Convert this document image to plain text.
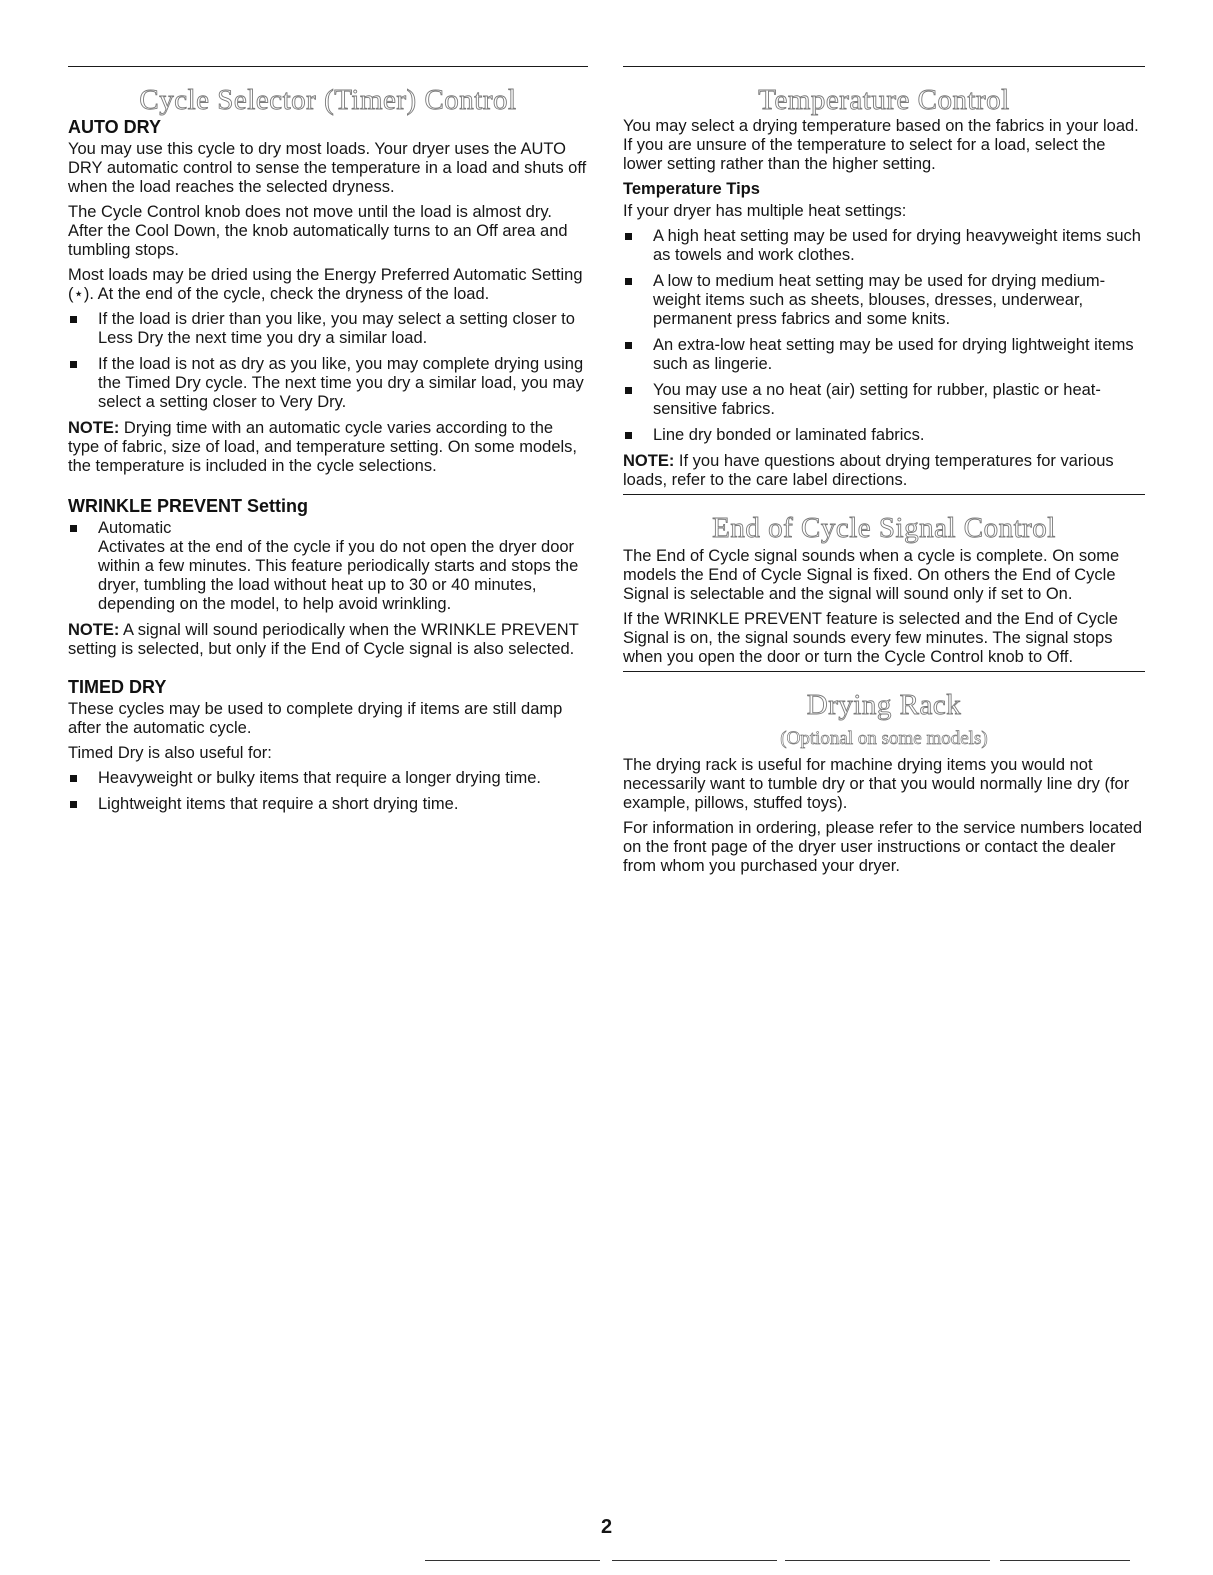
Cycle Selector (Timer) Control
AUTO DRY

You may use this cycle to dry most loads. Your dryer uses the AUTO DRY automatic control to sense the temperature in a load and shuts off when the load reaches the selected dryness.

The Cycle Control knob does not move until the load is almost dry. After the Cool Down, the knob automatically turns to an Off area and tumbling stops.

Most loads may be dried using the Energy Preferred Automatic Setting (⋆). At the end of the cycle, check the dryness of the load.

If the load is drier than you like, you may select a setting closer to Less Dry the next time you dry a similar load.
If the load is not as dry as you like, you may complete drying using the Timed Dry cycle. The next time you dry a similar load, you may select a setting closer to Very Dry.

NOTE: Drying time with an automatic cycle varies according to the type of fabric, size of load, and temperature setting. On some models, the temperature is included in the cycle selections.

WRINKLE PREVENT Setting
Automatic
Activates at the end of the cycle if you do not open the dryer door within a few minutes. This feature periodically starts and stops the dryer, tumbling the load without heat up to 30 or 40 minutes, depending on the model, to help avoid wrinkling.

NOTE: A signal will sound periodically when the WRINKLE PREVENT setting is selected, but only if the End of Cycle signal is also selected.

TIMED DRY

These cycles may be used to complete drying if items are still damp after the automatic cycle.

Timed Dry is also useful for:

Heavyweight or bulky items that require a longer drying time.
Lightweight items that require a short drying time.
Temperature Control

You may select a drying temperature based on the fabrics in your load. If you are unsure of the temperature to select for a load, select the lower setting rather than the higher setting.

Temperature Tips

If your dryer has multiple heat settings:

A high heat setting may be used for drying heavyweight items such as towels and work clothes.
A low to medium heat setting may be used for drying medium-weight items such as sheets, blouses, dresses, underwear, permanent press fabrics and some knits.
An extra-low heat setting may be used for drying lightweight items such as lingerie.
You may use a no heat (air) setting for rubber, plastic or heat-sensitive fabrics.
Line dry bonded or laminated fabrics.

NOTE: If you have questions about drying temperatures for various loads, refer to the care label directions.

End of Cycle Signal Control

The End of Cycle signal sounds when a cycle is complete. On some models the End of Cycle Signal is fixed. On others the End of Cycle Signal is selectable and the signal will sound only if set to On.

If the WRINKLE PREVENT feature is selected and the End of Cycle Signal is on, the signal sounds every few minutes. The signal stops when you open the door or turn the Cycle Control knob to Off.

Drying Rack
(Optional on some models)

The drying rack is useful for machine drying items you would not necessarily want to tumble dry or that you would normally line dry (for example, pillows, stuffed toys).

For information in ordering, please refer to the service numbers located on the front page of the dryer user instructions or contact the dealer from whom you purchased your dryer.

2
